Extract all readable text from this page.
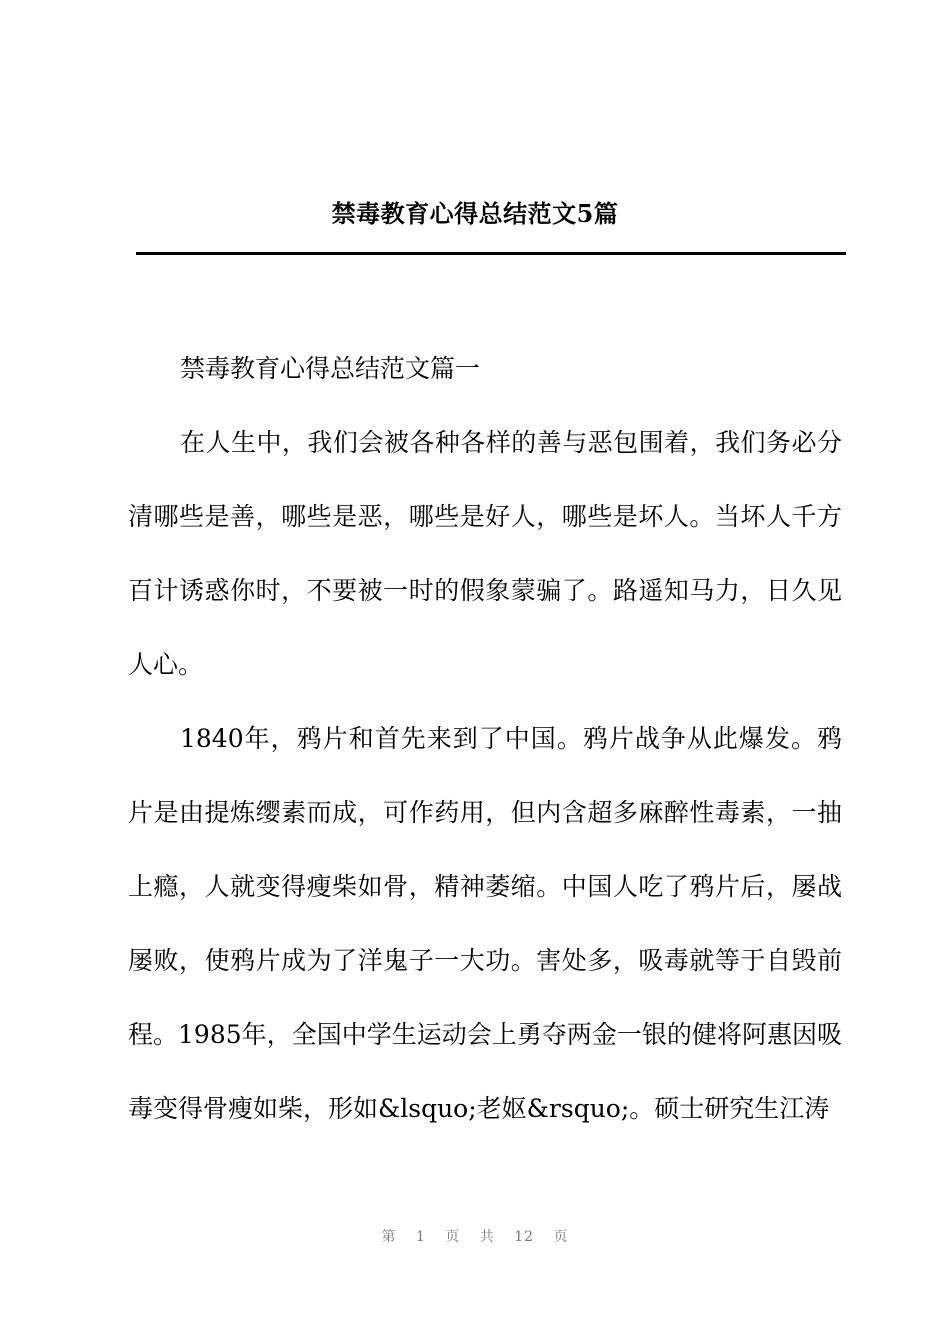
禁毒教育心得总结范文5篇

禁毒教育心得总结范文篇一

在人生中，我们会被各种各样的善与恶包围着，我们务必分清哪些是善，哪些是恶，哪些是好人，哪些是坏人。当坏人千方百计诱惑你时，不要被一时的假象蒙骗了。路遥知马力，日久见人心。

1840年，鸦片和首先来到了中国。鸦片战争从此爆发。鸦片是由提炼缨素而成，可作药用，但内含超多麻醉性毒素，一抽上瘾，人就变得瘦柴如骨，精神萎缩。中国人吃了鸦片后，屡战屡败，使鸦片成为了洋鬼子一大功。害处多，吸毒就等于自毁前程。1985年，全国中学生运动会上勇夺两金一银的健将阿惠因吸毒变得骨瘦如柴，形如&lsquo;老妪&rsquo;。硕士研究生江涛

第 1 页 共 12 页
